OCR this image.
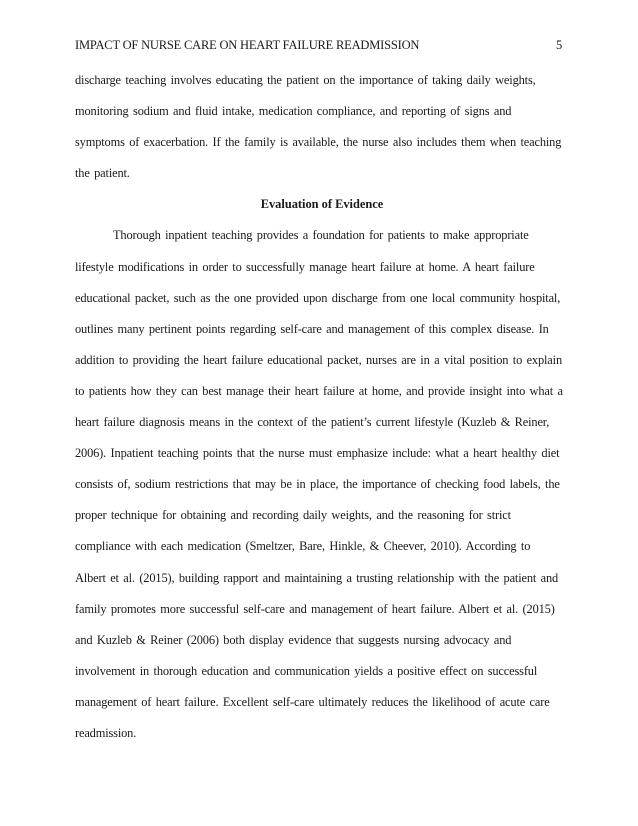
IMPACT OF NURSE CARE ON HEART FAILURE READMISSION	5
discharge teaching involves educating the patient on the importance of taking daily weights,
monitoring sodium and fluid intake, medication compliance, and reporting of signs and
symptoms of exacerbation. If the family is available, the nurse also includes them when teaching
the patient.
Evaluation of Evidence
Thorough inpatient teaching provides a foundation for patients to make appropriate
lifestyle modifications in order to successfully manage heart failure at home. A heart failure
educational packet, such as the one provided upon discharge from one local community hospital,
outlines many pertinent points regarding self-care and management of this complex disease. In
addition to providing the heart failure educational packet, nurses are in a vital position to explain
to patients how they can best manage their heart failure at home, and provide insight into what a
heart failure diagnosis means in the context of the patient’s current lifestyle (Kuzleb & Reiner,
2006). Inpatient teaching points that the nurse must emphasize include: what a heart healthy diet
consists of, sodium restrictions that may be in place, the importance of checking food labels, the
proper technique for obtaining and recording daily weights, and the reasoning for strict
compliance with each medication (Smeltzer, Bare, Hinkle, & Cheever, 2010). According to
Albert et al. (2015), building rapport and maintaining a trusting relationship with the patient and
family promotes more successful self-care and management of heart failure. Albert et al. (2015)
and Kuzleb & Reiner (2006) both display evidence that suggests nursing advocacy and
involvement in thorough education and communication yields a positive effect on successful
management of heart failure. Excellent self-care ultimately reduces the likelihood of acute care
readmission.
